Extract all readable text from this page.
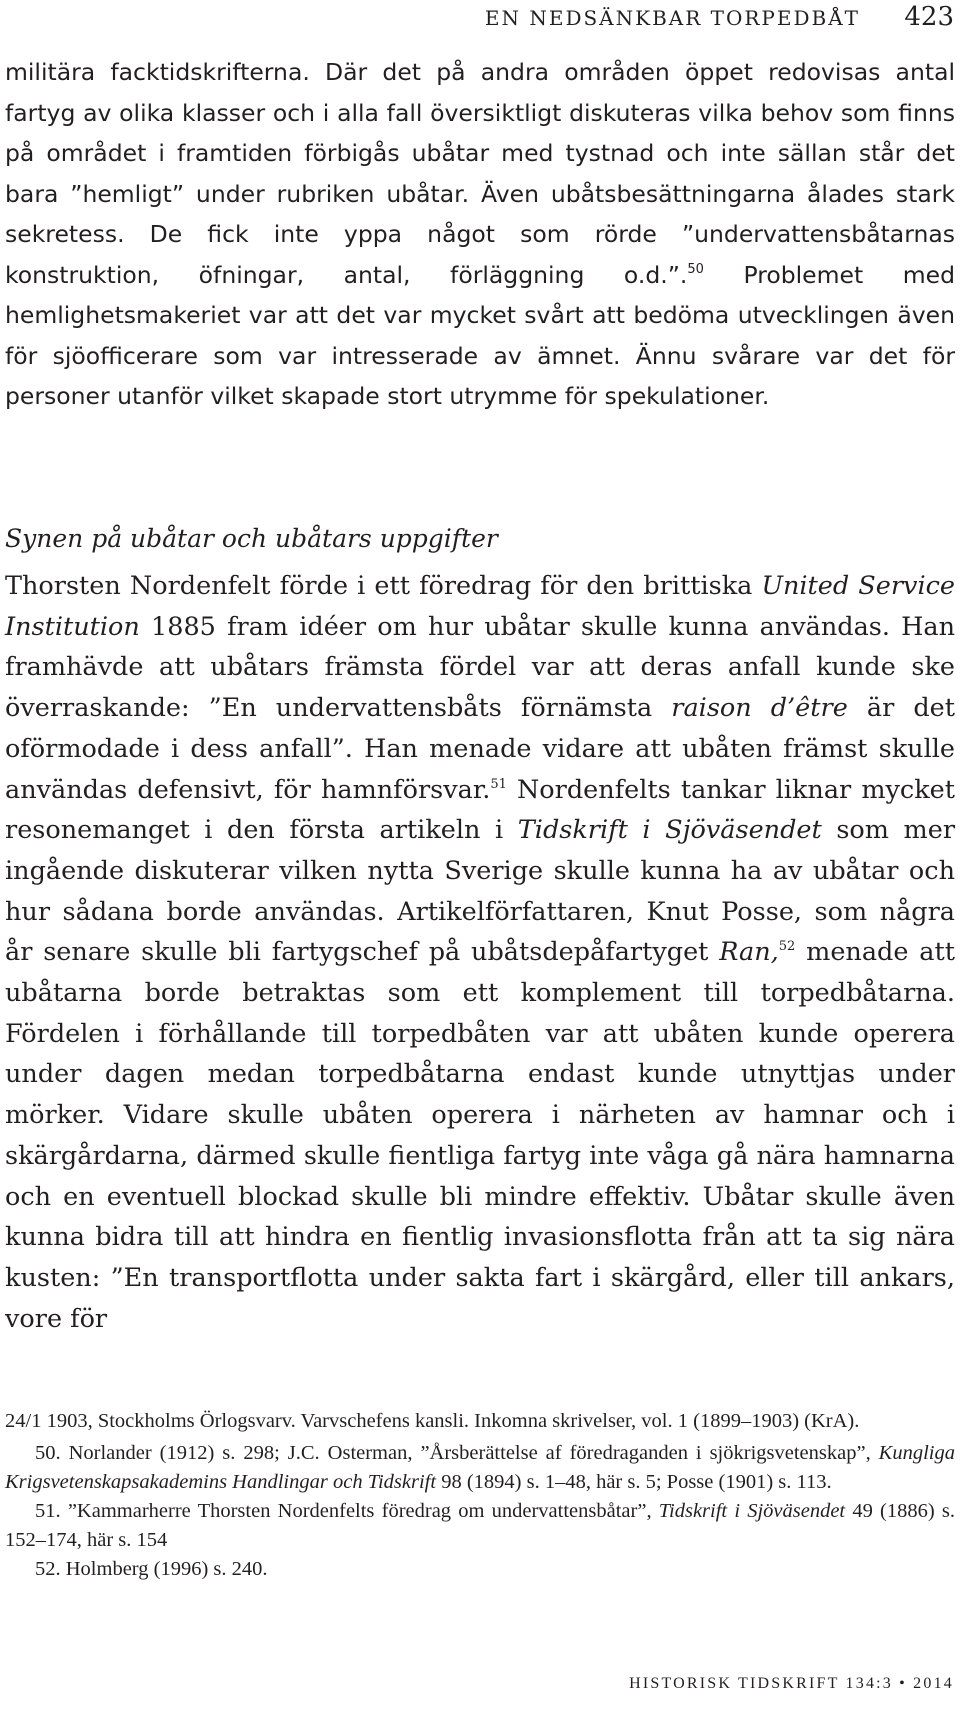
EN NEDSÄNKBAR TORPEDBÅT 423

militära facktidskrifterna. Där det på andra områden öppet redovisas antal fartyg av olika klasser och i alla fall översiktligt diskuteras vilka behov som finns på området i framtiden förbigås ubåtar med tystnad och inte sällan står det bara ”hemligt” under rubriken ubåtar. Även ubåtsbesättningarna ålades stark sekretess. De fick inte yppa något som rörde ”undervattensbåtarnas konstruktion, öfningar, antal, förläggning o.d.”.$^{50}$ Problemet med hemlighetsmakeriet var att det var mycket svårt att bedöma utvecklingen även för sjöofficerare som var intresserade av ämnet. Ännu svårare var det för personer utanför vilket skapade stort utrymme för spekulationer.

Synen på ubåtar och ubåtars uppgifter

Thorsten Nordenfelt förde i ett föredrag för den brittiska United Service Institution 1885 fram idéer om hur ubåtar skulle kunna användas. Han framhävde att ubåtars främsta fördel var att deras anfall kunde ske överraskande: ”En undervattensbåts förnämsta raison d’être är det oförmodade i dess anfall”. Han menade vidare att ubåten främst skulle användas defensivt, för hamnförsvar.$^{51}$ Nordenfelts tankar liknar mycket resonemanget i den första artikeln i Tidskrift i Sjöväsendet som mer ingående diskuterar vilken nytta Sverige skulle kunna ha av ubåtar och hur sådana borde användas. Artikelförfattaren, Knut Posse, som några år senare skulle bli fartygschef på ubåtsdepåfartyget Ran,$^{52}$ menade att ubåtarna borde betraktas som ett komplement till torpedbåtarna. Fördelen i förhållande till torpedbåten var att ubåten kunde operera under dagen medan torpedbåtarna endast kunde utnyttjas under mörker. Vidare skulle ubåten operera i närheten av hamnar och i skärgårdarna, därmed skulle fientliga fartyg inte våga gå nära hamnarna och en eventuell blockad skulle bli mindre effektiv. Ubåtar skulle även kunna bidra till att hindra en fientlig invasionsflotta från att ta sig nära kusten: ”En transportflotta under sakta fart i skärgård, eller till ankars, vore för

24/1 1903, Stockholms Örlogsvarv. Varvschefens kansli. Inkomna skrivelser, vol. 1 (1899–1903) (KrA).

50. Norlander (1912) s. 298; J.C. Osterman, ”Årsberättelse af föredraganden i sjökrigsvetenskap”, Kungliga Krigsvetenskapsakademins Handlingar och Tidskrift 98 (1894) s. 1–48, här s. 5; Posse (1901) s. 113.

51. ”Kammarherre Thorsten Nordenfelts föredrag om undervattensbåtar”, Tidskrift i Sjöväsendet 49 (1886) s. 152–174, här s. 154

52. Holmberg (1996) s. 240.

HISTORISK TIDSKRIFT 134:3 • 2014
